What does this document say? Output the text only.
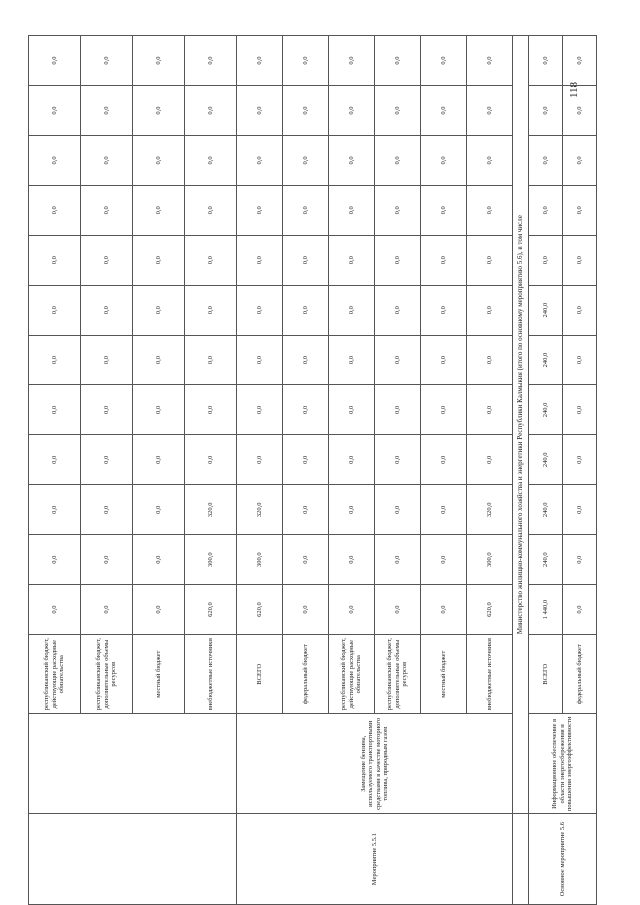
118
		республиканский бюджет, действующие расходные обязательства	0,0	0,0	0,0	0,0	0,0	0,0	0,0	0,0	0,0	0,0	0,0	0,0
		республиканский бюджет, дополнительные объемы ресурсов	0,0	0,0	0,0	0,0	0,0	0,0	0,0	0,0	0,0	0,0	0,0	0,0
		местный бюджет	0,0	0,0	0,0	0,0	0,0	0,0	0,0	0,0	0,0	0,0	0,0	0,0
		внебюджетные источники	620,0	300,0	320,0	0,0	0,0	0,0	0,0	0,0	0,0	0,0	0,0	0,0
Мероприятие 5.5.1	Замещение бензина, используемого транспортными средствами в качестве моторного топлива, природным газом	ВСЕГО	620,0	300,0	320,0	0,0	0,0	0,0	0,0	0,0	0,0	0,0	0,0	0,0
		федеральный бюджет	0,0	0,0	0,0	0,0	0,0	0,0	0,0	0,0	0,0	0,0	0,0	0,0
		республиканский бюджет, действующие расходные обязательства	0,0	0,0	0,0	0,0	0,0	0,0	0,0	0,0	0,0	0,0	0,0	0,0
		республиканский бюджет, дополнительные объемы ресурсов	0,0	0,0	0,0	0,0	0,0	0,0	0,0	0,0	0,0	0,0	0,0	0,0
		местный бюджет	0,0	0,0	0,0	0,0	0,0	0,0	0,0	0,0	0,0	0,0	0,0	0,0
		внебюджетные источники	620,0	300,0	320,0	0,0	0,0	0,0	0,0	0,0	0,0	0,0	0,0	0,0
	Министерство жилищно-коммунального хозяйства и энергетики Республики Калмыкия (итого по основному мероприятию 5.6), в том числе													
Основное мероприятие 5.6	Информационное обеспечение в области энергосбережения и повышения энергоэффективности	ВСЕГО	1 440,0	240,0	240,0	240,0	240,0	240,0	240,0	0,0	0,0	0,0	0,0	0,0
		федеральный бюджет	0,0	0,0	0,0	0,0	0,0	0,0	0,0	0,0	0,0	0,0	0,0	0,0
